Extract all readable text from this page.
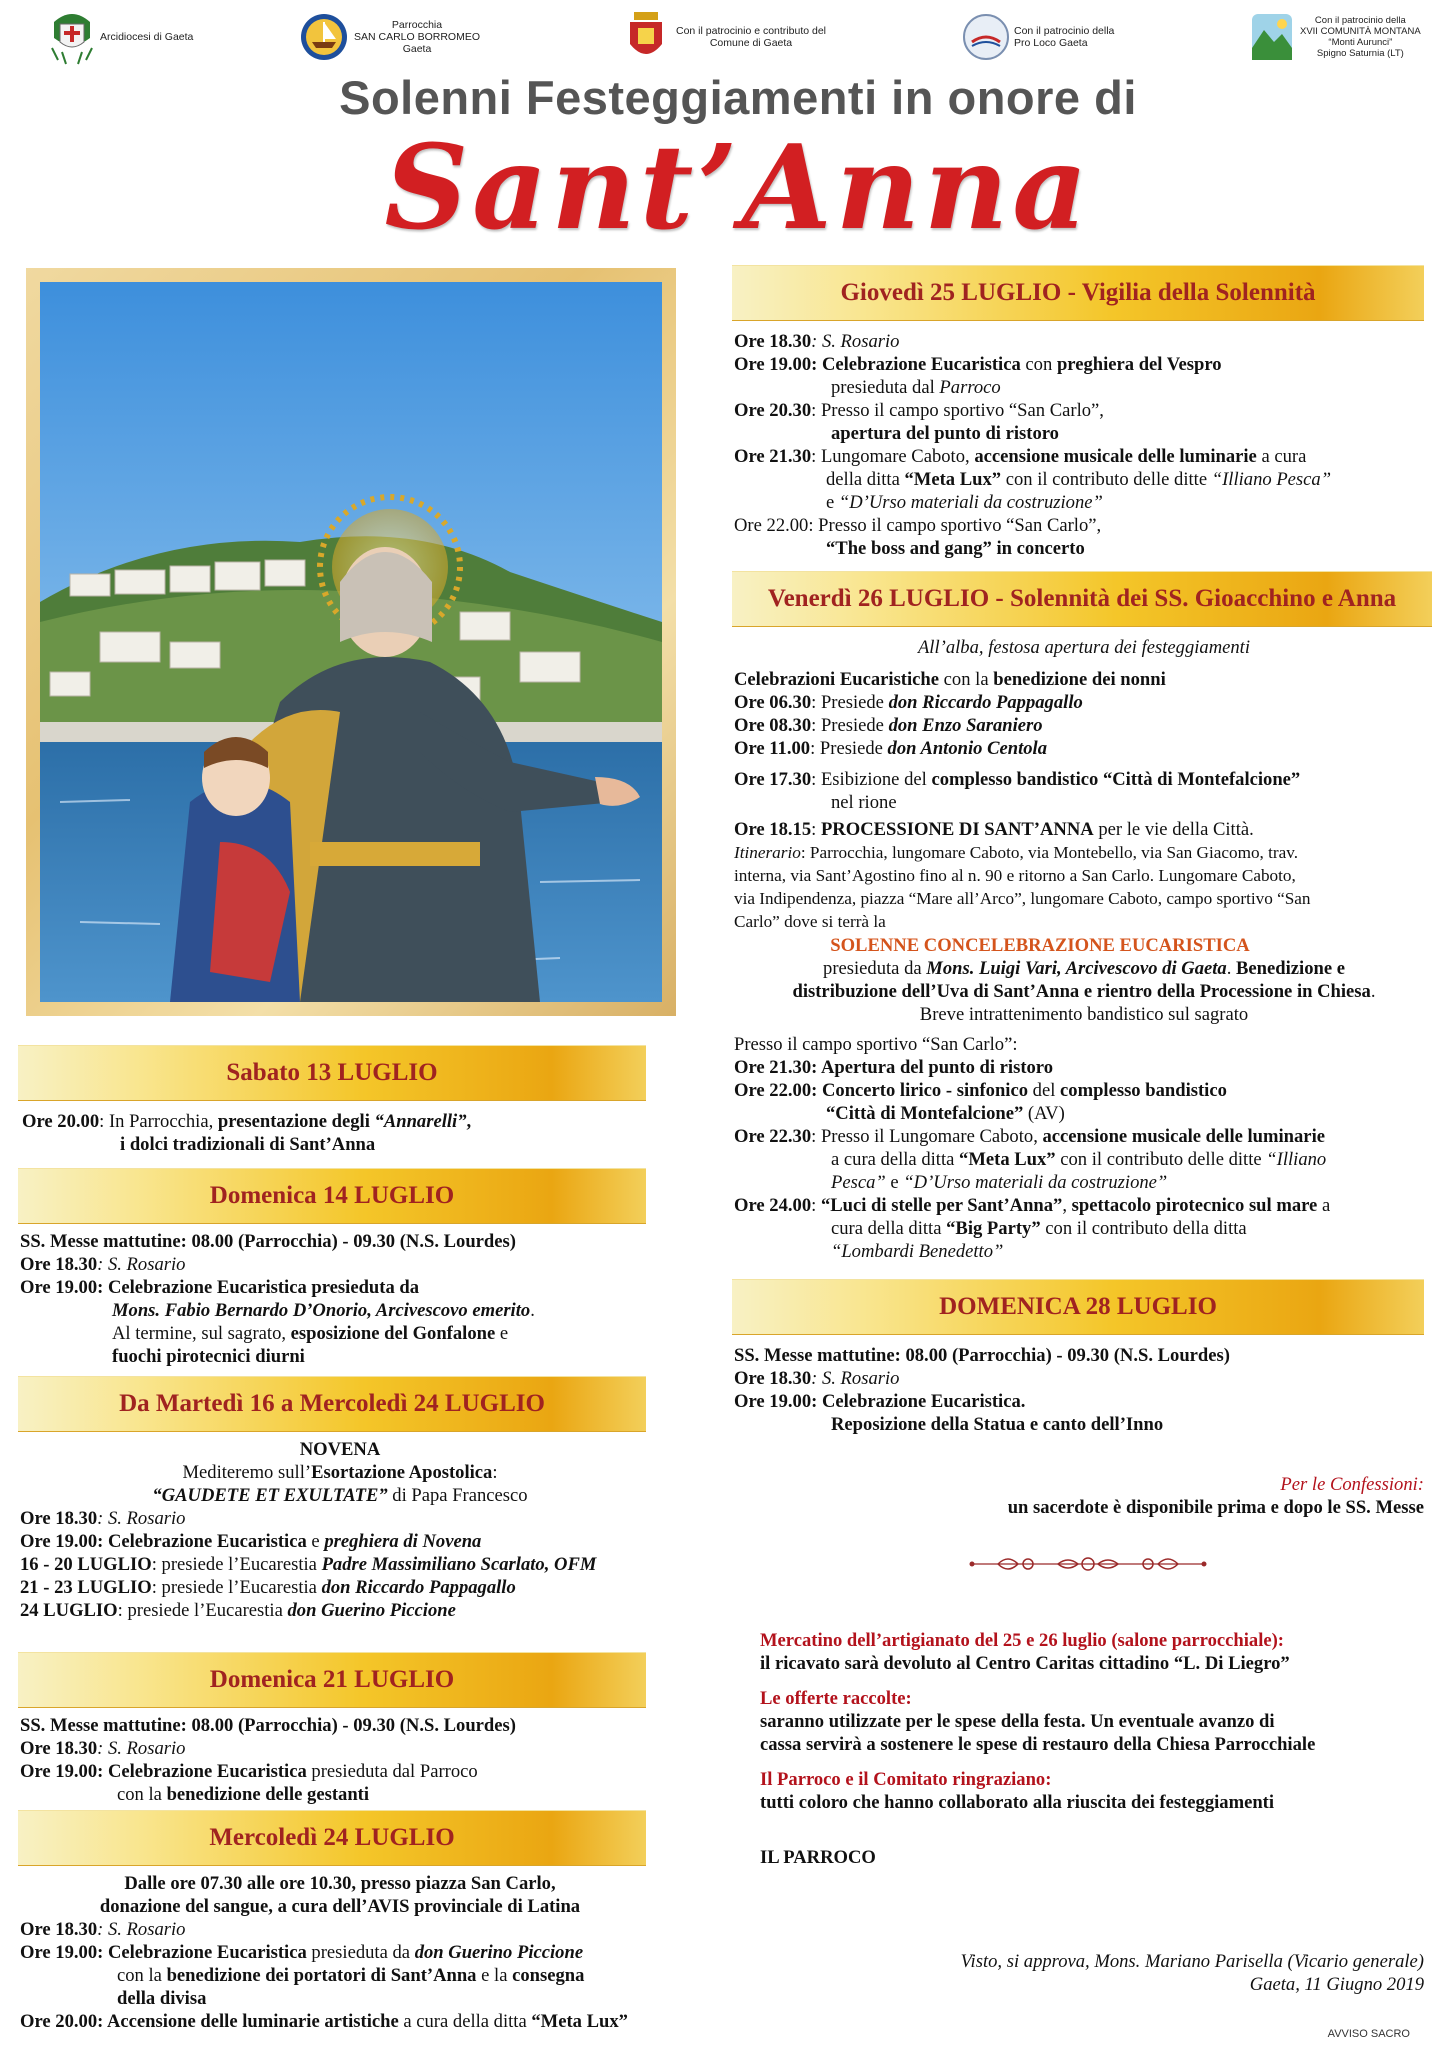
Arcidiocesi di Gaeta
Parrocchia
SAN CARLO BORROMEO
Gaeta
Con il patrocinio e contributo del
Comune di Gaeta
Con il patrocinio della
Pro Loco Gaeta
Con il patrocinio della
XVII COMUNITÀ MONTANA
“Monti Aurunci”
Spigno Saturnia (LT)
Solenni Festeggiamenti in onore di
Sant’Anna
Sabato 13 LUGLIO

Ore 20.00: In Parrocchia, presentazione degli “Annarelli”,

i dolci tradizionali di Sant’Anna

Domenica 14 LUGLIO

SS. Messe mattutine: 08.00 (Parrocchia) - 09.30 (N.S. Lourdes)

Ore 18.30: S. Rosario

Ore 19.00: Celebrazione Eucaristica presieduta da

Mons. Fabio Bernardo D’Onorio, Arcivescovo emerito.

Al termine, sul sagrato, esposizione del Gonfalone e

fuochi pirotecnici diurni

Da Martedì 16 a Mercoledì 24 LUGLIO

NOVENA

Mediteremo sull’Esortazione Apostolica:

“GAUDETE ET EXULTATE” di Papa Francesco

Ore 18.30: S. Rosario

Ore 19.00: Celebrazione Eucaristica e preghiera di Novena

16 - 20 LUGLIO: presiede l’Eucarestia Padre Massimiliano Scarlato, OFM

21 - 23 LUGLIO: presiede l’Eucarestia don Riccardo Pappagallo

24 LUGLIO: presiede l’Eucarestia don Guerino Piccione

Domenica 21 LUGLIO

SS. Messe mattutine: 08.00 (Parrocchia) - 09.30 (N.S. Lourdes)

Ore 18.30: S. Rosario

Ore 19.00: Celebrazione Eucaristica presieduta dal Parroco

con la benedizione delle gestanti

Mercoledì 24 LUGLIO

Dalle ore 07.30 alle ore 10.30, presso piazza San Carlo,

donazione del sangue, a cura dell’AVIS provinciale di Latina

Ore 18.30: S. Rosario

Ore 19.00: Celebrazione Eucaristica presieduta da don Guerino Piccione

con la benedizione dei portatori di Sant’Anna e la consegna

della divisa

Ore 20.00: Accensione delle luminarie artistiche a cura della ditta “Meta Lux”

Giovedì 25 LUGLIO - Vigilia della Solennità

Ore 18.30: S. Rosario

Ore 19.00: Celebrazione Eucaristica con preghiera del Vespro

presieduta dal Parroco

Ore 20.30: Presso il campo sportivo “San Carlo”,

apertura del punto di ristoro

Ore 21.30: Lungomare Caboto, accensione musicale delle luminarie a cura

della ditta “Meta Lux” con il contributo delle ditte “Illiano Pesca”

e “D’Urso materiali da costruzione”

Ore 22.00: Presso il campo sportivo “San Carlo”,

“The boss and gang” in concerto

Venerdì 26 LUGLIO - Solennità dei SS. Gioacchino e Anna

All’alba, festosa apertura dei festeggiamenti

Celebrazioni Eucaristiche con la benedizione dei nonni

Ore 06.30: Presiede don Riccardo Pappagallo

Ore 08.30: Presiede don Enzo Saraniero

Ore 11.00: Presiede don Antonio Centola

Ore 17.30: Esibizione del complesso bandistico “Città di Montefalcione”

nel rione

Ore 18.15: PROCESSIONE DI SANT’ANNA per le vie della Città.

Itinerario: Parrocchia, lungomare Caboto, via Montebello, via San Giacomo, trav.

interna, via Sant’Agostino fino al n. 90 e ritorno a San Carlo. Lungomare Caboto,

via Indipendenza, piazza “Mare all’Arco”, lungomare Caboto, campo sportivo “San

Carlo” dove si terrà la

SOLENNE CONCELEBRAZIONE EUCARISTICA

presieduta da Mons. Luigi Vari, Arcivescovo di Gaeta. Benedizione e

distribuzione dell’Uva di Sant’Anna e rientro della Processione in Chiesa.

Breve intrattenimento bandistico sul sagrato

Presso il campo sportivo “San Carlo”:

Ore 21.30: Apertura del punto di ristoro

Ore 22.00: Concerto lirico - sinfonico del complesso bandistico

“Città di Montefalcione” (AV)

Ore 22.30: Presso il Lungomare Caboto, accensione musicale delle luminarie

a cura della ditta “Meta Lux” con il contributo delle ditte “Illiano

Pesca” e “D’Urso materiali da costruzione”

Ore 24.00: “Luci di stelle per Sant’Anna”, spettacolo pirotecnico sul mare a

cura della ditta “Big Party” con il contributo della ditta

“Lombardi Benedetto”

DOMENICA 28 LUGLIO

SS. Messe mattutine: 08.00 (Parrocchia) - 09.30 (N.S. Lourdes)

Ore 18.30: S. Rosario

Ore 19.00: Celebrazione Eucaristica.

Reposizione della Statua e canto dell’Inno

Per le Confessioni:

un sacerdote è disponibile prima e dopo le SS. Messe

Mercatino dell’artigianato del 25 e 26 luglio (salone parrocchiale):

il ricavato sarà devoluto al Centro Caritas cittadino “L. Di Liegro”

Le offerte raccolte:

saranno utilizzate per le spese della festa. Un eventuale avanzo di

cassa servirà a sostenere le spese di restauro della Chiesa Parrocchiale

Il Parroco e il Comitato ringraziano:

tutti coloro che hanno collaborato alla riuscita dei festeggiamenti

IL PARROCO

Visto, si approva, Mons. Mariano Parisella (Vicario generale)

Gaeta, 11 Giugno 2019

AVVISO SACRO
